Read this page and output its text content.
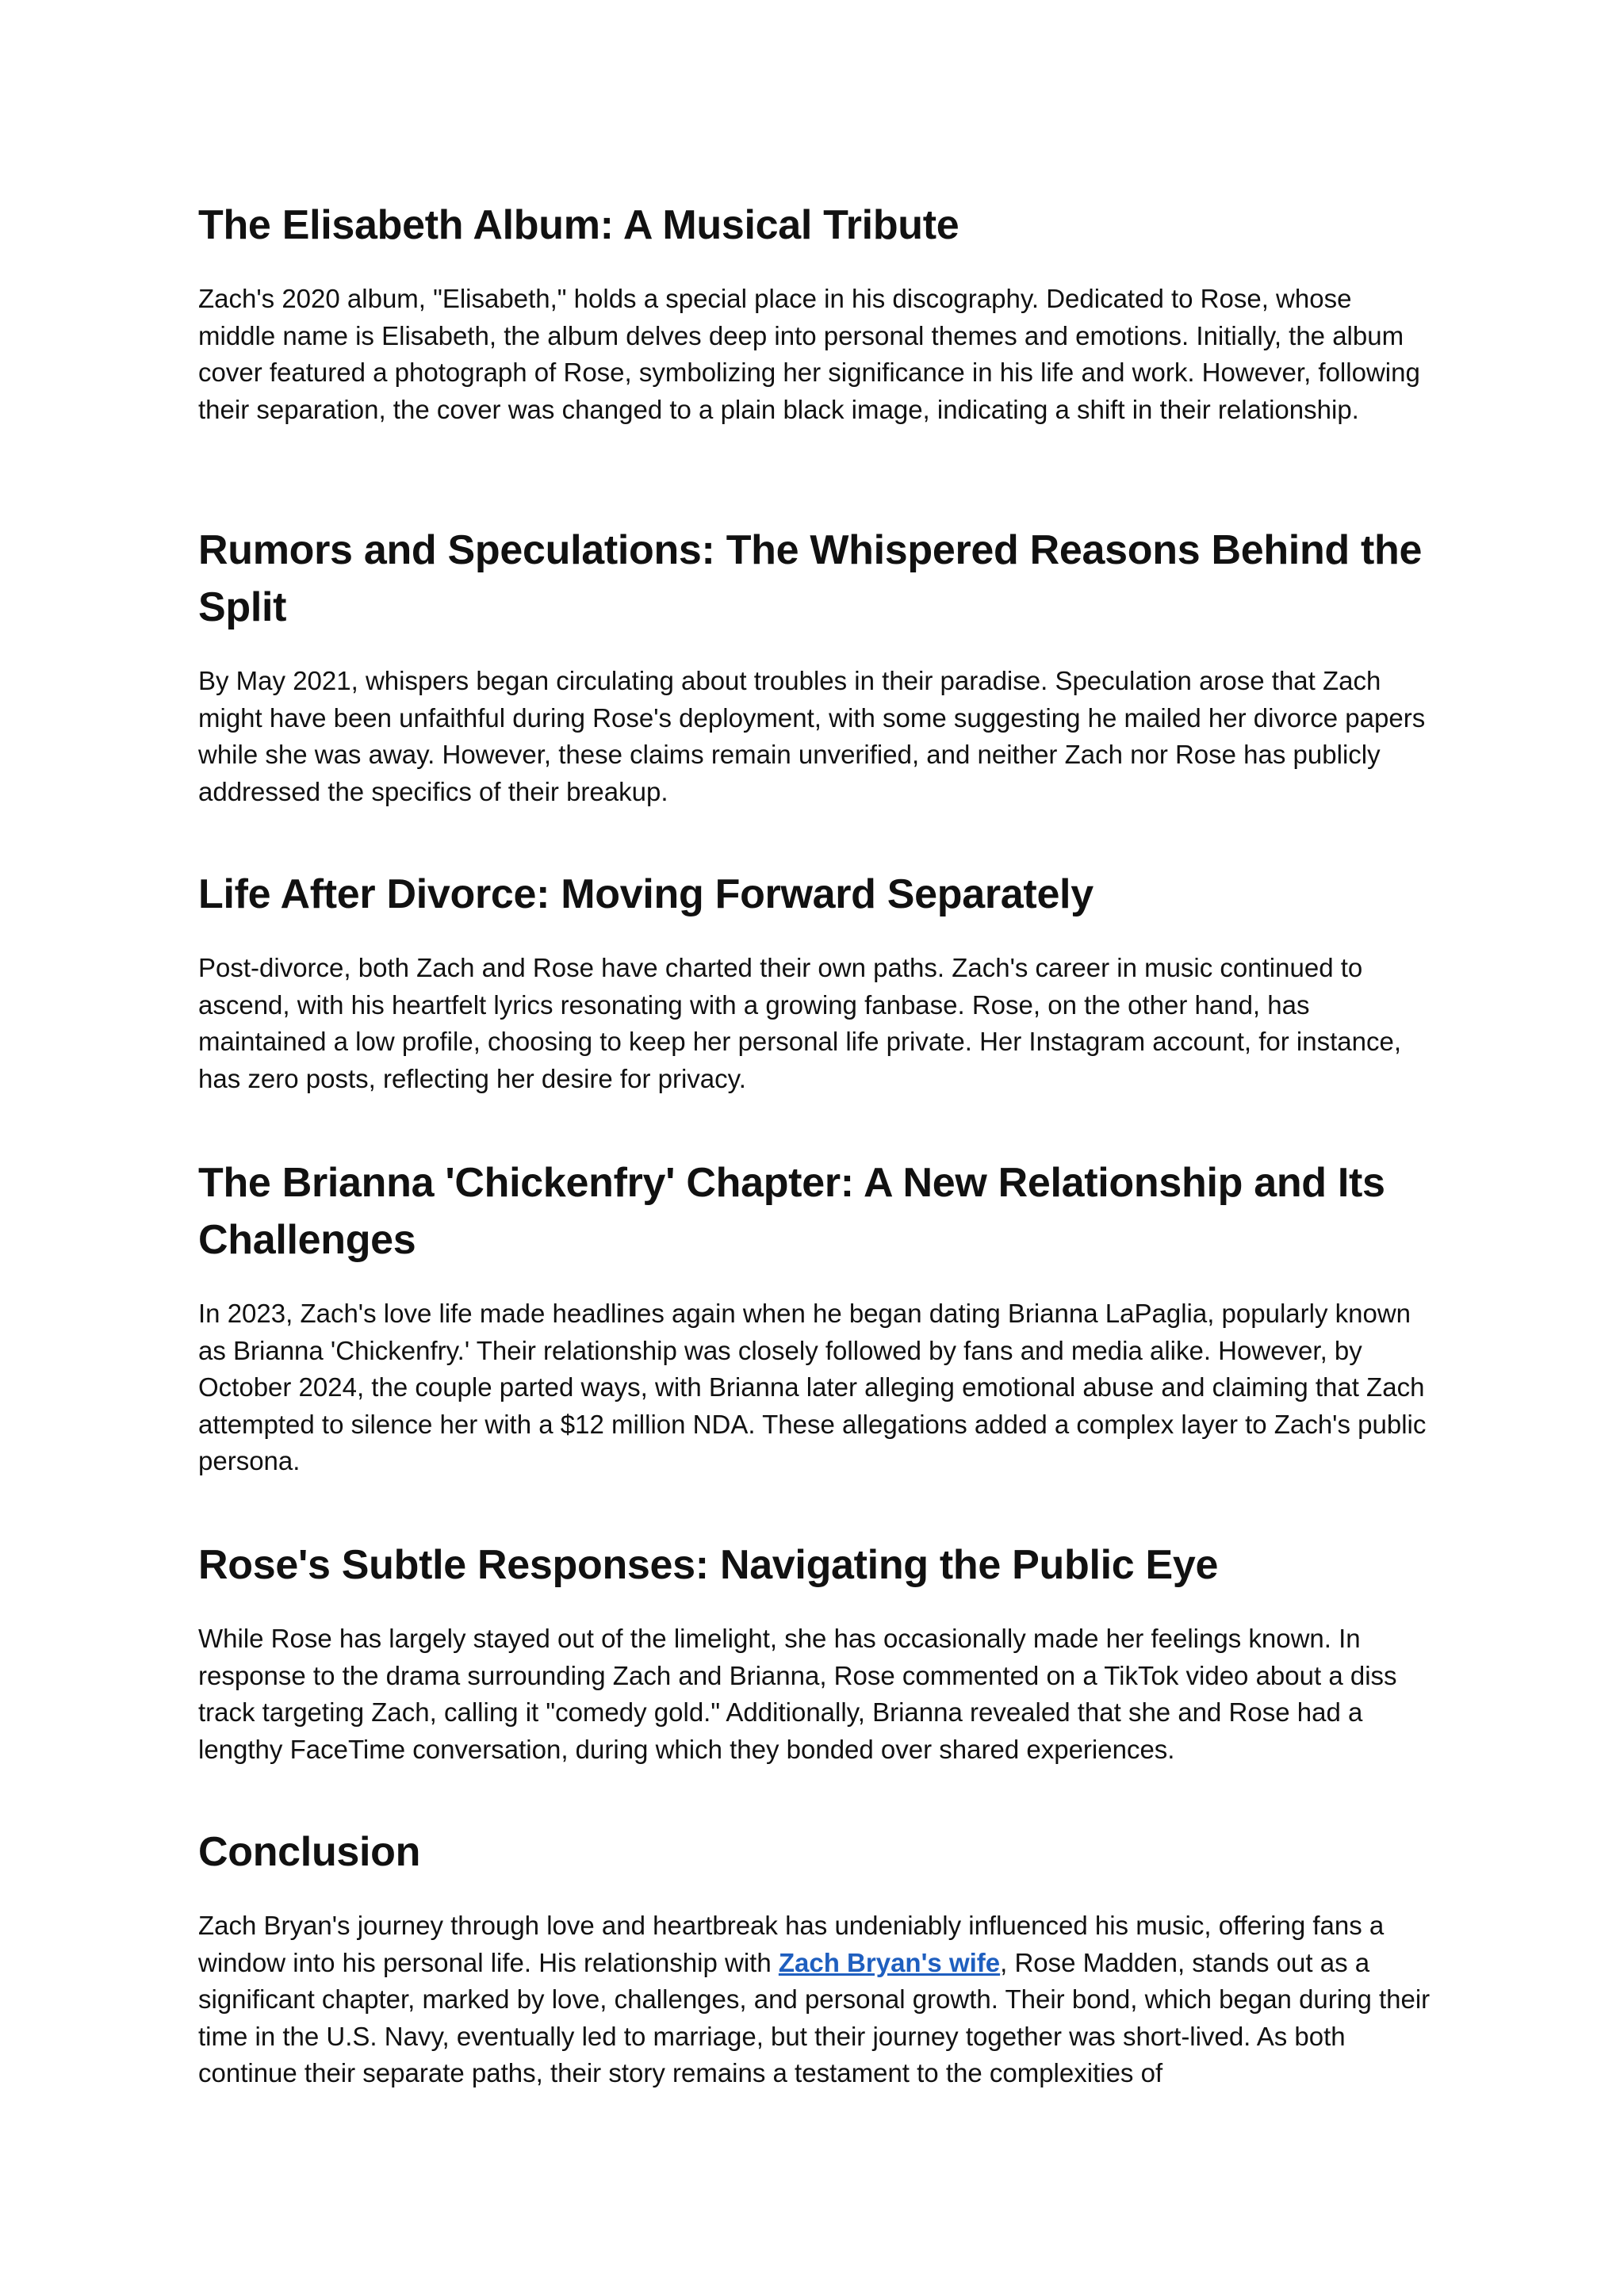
The Elisabeth Album: A Musical Tribute

Zach's 2020 album, "Elisabeth," holds a special place in his discography. Dedicated to Rose, whose middle name is Elisabeth, the album delves deep into personal themes and emotions. Initially, the album cover featured a photograph of Rose, symbolizing her significance in his life and work. However, following their separation, the cover was changed to a plain black image, indicating a shift in their relationship.

Rumors and Speculations: The Whispered Reasons Behind the Split

By May 2021, whispers began circulating about troubles in their paradise. Speculation arose that Zach might have been unfaithful during Rose's deployment, with some suggesting he mailed her divorce papers while she was away. However, these claims remain unverified, and neither Zach nor Rose has publicly addressed the specifics of their breakup.

Life After Divorce: Moving Forward Separately

Post-divorce, both Zach and Rose have charted their own paths. Zach's career in music continued to ascend, with his heartfelt lyrics resonating with a growing fanbase. Rose, on the other hand, has maintained a low profile, choosing to keep her personal life private. Her Instagram account, for instance, has zero posts, reflecting her desire for privacy.

The Brianna 'Chickenfry' Chapter: A New Relationship and Its Challenges

In 2023, Zach's love life made headlines again when he began dating Brianna LaPaglia, popularly known as Brianna 'Chickenfry.' Their relationship was closely followed by fans and media alike. However, by October 2024, the couple parted ways, with Brianna later alleging emotional abuse and claiming that Zach attempted to silence her with a $12 million NDA. These allegations added a complex layer to Zach's public persona.

Rose's Subtle Responses: Navigating the Public Eye

While Rose has largely stayed out of the limelight, she has occasionally made her feelings known. In response to the drama surrounding Zach and Brianna, Rose commented on a TikTok video about a diss track targeting Zach, calling it "comedy gold." Additionally, Brianna revealed that she and Rose had a lengthy FaceTime conversation, during which they bonded over shared experiences.

Conclusion

Zach Bryan's journey through love and heartbreak has undeniably influenced his music, offering fans a window into his personal life. His relationship with Zach Bryan's wife, Rose Madden, stands out as a significant chapter, marked by love, challenges, and personal growth. Their bond, which began during their time in the U.S. Navy, eventually led to marriage, but their journey together was short-lived. As both continue their separate paths, their story remains a testament to the complexities of
